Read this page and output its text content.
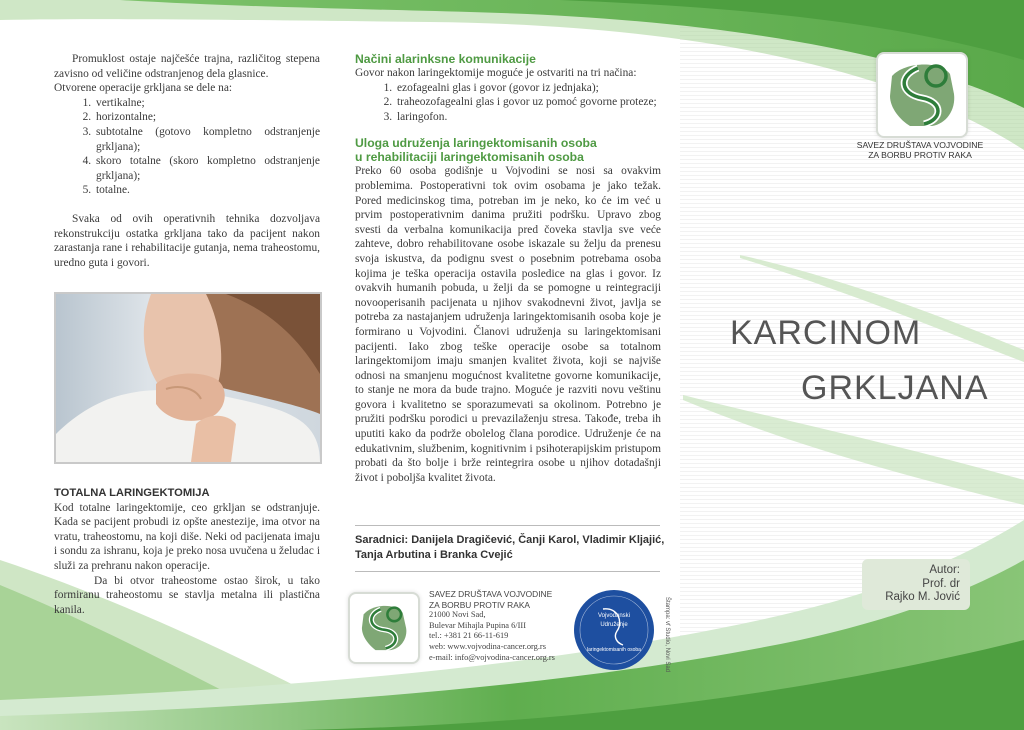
Promuklost ostaje najčešće trajna, različitog stepena zavisno od veličine odstranjenog dela glasnice.

Otvorene operacije grkljana se dele na:

1. vertikalne;
2. horizontalne;
3. subtotalne (gotovo kompletno odstranjenje grkljana);
4. skoro totalne (skoro kompletno odstranjenje grkljana);
5. totalne.

Svaka od ovih operativnih tehnika dozvoljava rekonstrukciju ostatka grkljana tako da pacijent nakon zarastanja rane i rehabilitacije gutanja, nema traheostomu, uredno guta i govori.

TOTALNA LARINGEKTOMIJA

Kod totalne laringektomije, ceo grkljan se odstranjuje. Kada se pacijent probudi iz opšte anestezije, ima otvor na vratu, traheostomu, na koji diše. Neki od pacijenata imaju i sondu za ishranu, koja je preko nosa uvučena u želudac i služi za prehranu nakon operacije.

Da bi otvor traheostome ostao širok, u tako formiranu traheostomu se stavlja metalna ili plastična kanila.

Načini alarinksne komunikacije

Govor nakon laringektomije moguće je ostvariti na tri načina:

1. ezofagealni glas i govor (govor iz jednjaka);
2. traheozofagealni glas i govor uz pomoć govorne proteze;
3. laringofon.

Uloga udruženja laringektomisanih osoba

u rehabilitaciji laringektomisanih osoba

Preko 60 osoba godišnje u Vojvodini se nosi sa ovakvim problemima. Postoperativni tok ovim osobama je jako težak. Pored medicinskog tima, potreban im je neko, ko će im već u prvim postoperativnim danima pružiti podršku. Upravo zbog svesti da verbalna komunikacija pred čoveka stavlja sve veće zahteve, dobro rehabilitovane osobe iskazale su želju da prenesu svoja iskustva, da podignu svest o posebnim potrebama osoba kojima je teška operacija ostavila posledice na glas i govor. Iz ovakvih humanih pobuda, u želji da se pomogne u reintegraciji novooperisanih pacijenata u njihov svakodnevni život, javlja se potreba za nastajanjem udruženja laringektomisanih osoba koje je formirano u Vojvodini. Članovi udruženja su laringektomisani pacijenti. Iako zbog teške operacije osobe sa totalnom laringektomijom imaju smanjen kvalitet života, koji se najviše odnosi na smanjenu mogućnost kvalitetne govorne komunikacije, to stanje ne mora da bude trajno. Moguće je razviti novu veštinu govora i kvalitetno se sporazumevati sa okolinom. Potrebno je pružiti podršku porodici u prevazilaženju stresa. Takođe, treba ih uputiti kako da podrže obolelog člana porodice. Udruženje će na edukativnim, službenim, kognitivnim i psihoterapijskim pristupom probati da što bolje i brže reintegrira osobe u njihov dotadašnji život i poboljša kvalitet života.

Saradnici: Danijela Dragičević, Čanji Karol, Vladimir Kljajić,

Tanja Arbutina i Branka Cvejić

SAVEZ DRUŠTAVA VOJVODINE
ZA BORBU PROTIV RAKA
21000 Novi Sad,
Bulevar Mihajla Pupina 6/III
tel.: +381 21 66-11-619
web: www.vojvodina-cancer.org.rs
e-mail: info@vojvodina-cancer.org.rs
Vojvođanski
Udruženje
laringektomisanih osoba	Štampa: vf Studio, Novi Sad
SAVEZ DRUŠTAVA VOJVODINE
ZA BORBU PROTIV RAKA
KARCINOM
GRKLJANA
Autor:
Prof. dr
Rajko M. Jović
